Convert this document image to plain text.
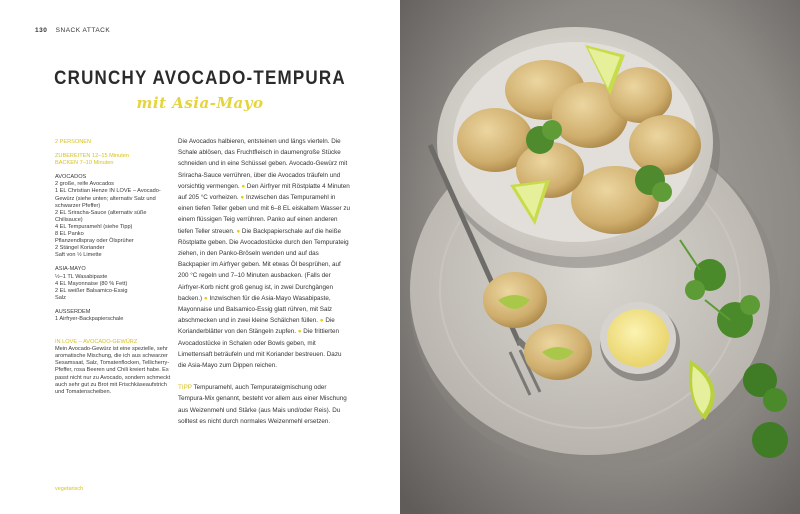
130 SNACK ATTACK
CRUNCHY AVOCADO-TEMPURA
mit Asia-Mayo
2 PERSONEN
ZUBEREITEN 12–15 Minuten
BACKEN 7–10 Minuten
AVOCADOS
2 große, reife Avocados
1 EL Christian Henze IN LOVE – Avocado-Gewürz (siehe unten; alternativ Salz und schwarzer Pfeffer)
2 EL Sriracha-Sauce (alternativ süße Chilisauce)
4 EL Tempuramehl (siehe Tipp)
8 EL Panko
Pflanzendlspray oder Ölsprüher
2 Stängel Koriander
Saft von ½ Limette
ASIA-MAYO
½–1 TL Wasabipaste
4 EL Mayonnaise (80 % Fett)
2 EL weißer Balsamico-Essig
Salz
AUSSERDEM
1 Airfryer-Backpapierschale
IN LOVE – AVOCADO-GEWÜRZ
Mein Avocado-Gewürz ist eine spezielle, sehr aromatische Mischung, die ich aus schwarzer Sesamsaat, Salz, Tomatenflocken, Tellicherry-Pfeffer, rosa Beeren und Chili kreiert habe. Es passt nicht nur zu Avocado, sondern schmeckt auch sehr gut zu Brot mit Frischkäseaufstrich und Tomatenscheiben.
Die Avocados halbieren, entsteinen und längs vierteln. Die Schale ablösen, das Fruchtfleisch in daumengroße Stücke schneiden und in eine Schüssel geben. Avocado-Gewürz mit Sriracha-Sauce verrühren, über die Avocados träufeln und vorsichtig vermengen. ● Den Airfryer mit Röstplatte 4 Minuten auf 205 °C vorheizen. ● Inzwischen das Tempuramehl in einen tiefen Teller geben und mit 6–8 EL eiskaltem Wasser zu einem flüssigen Teig verrühren. Panko auf einen anderen tiefen Teller streuen. ● Die Backpapierschale auf die heiße Röstplatte geben. Die Avocadostücke durch den Tempurateig ziehen, in den Panko-Bröseln wenden und auf das Backpapier im Airfryer geben. Mit etwas Öl besprühen, auf 200 °C regeln und 7–10 Minuten ausbacken. (Falls der Airfryer-Korb nicht groß genug ist, in zwei Durchgängen backen.) ● Inzwischen für die Asia-Mayo Wasabipaste, Mayonnaise und Balsamico-Essig glatt rühren, mit Salz abschmecken und in zwei kleine Schälchen füllen. ● Die Korianderblätter von den Stängeln zupfen. ● Die frittierten Avocadostücke in Schalen oder Bowls geben, mit Limettensaft beträufeln und mit Koriander bestreuen. Dazu die Asia-Mayo zum Dippen reichen.
TIPP Tempuramehl, auch Tempurateigmischung oder Tempura-Mix genannt, besteht vor allem aus einer Mischung aus Weizenmehl und Stärke (aus Mais und/oder Reis). Du solltest es nicht durch normales Weizenmehl ersetzen.
vegetarisch
